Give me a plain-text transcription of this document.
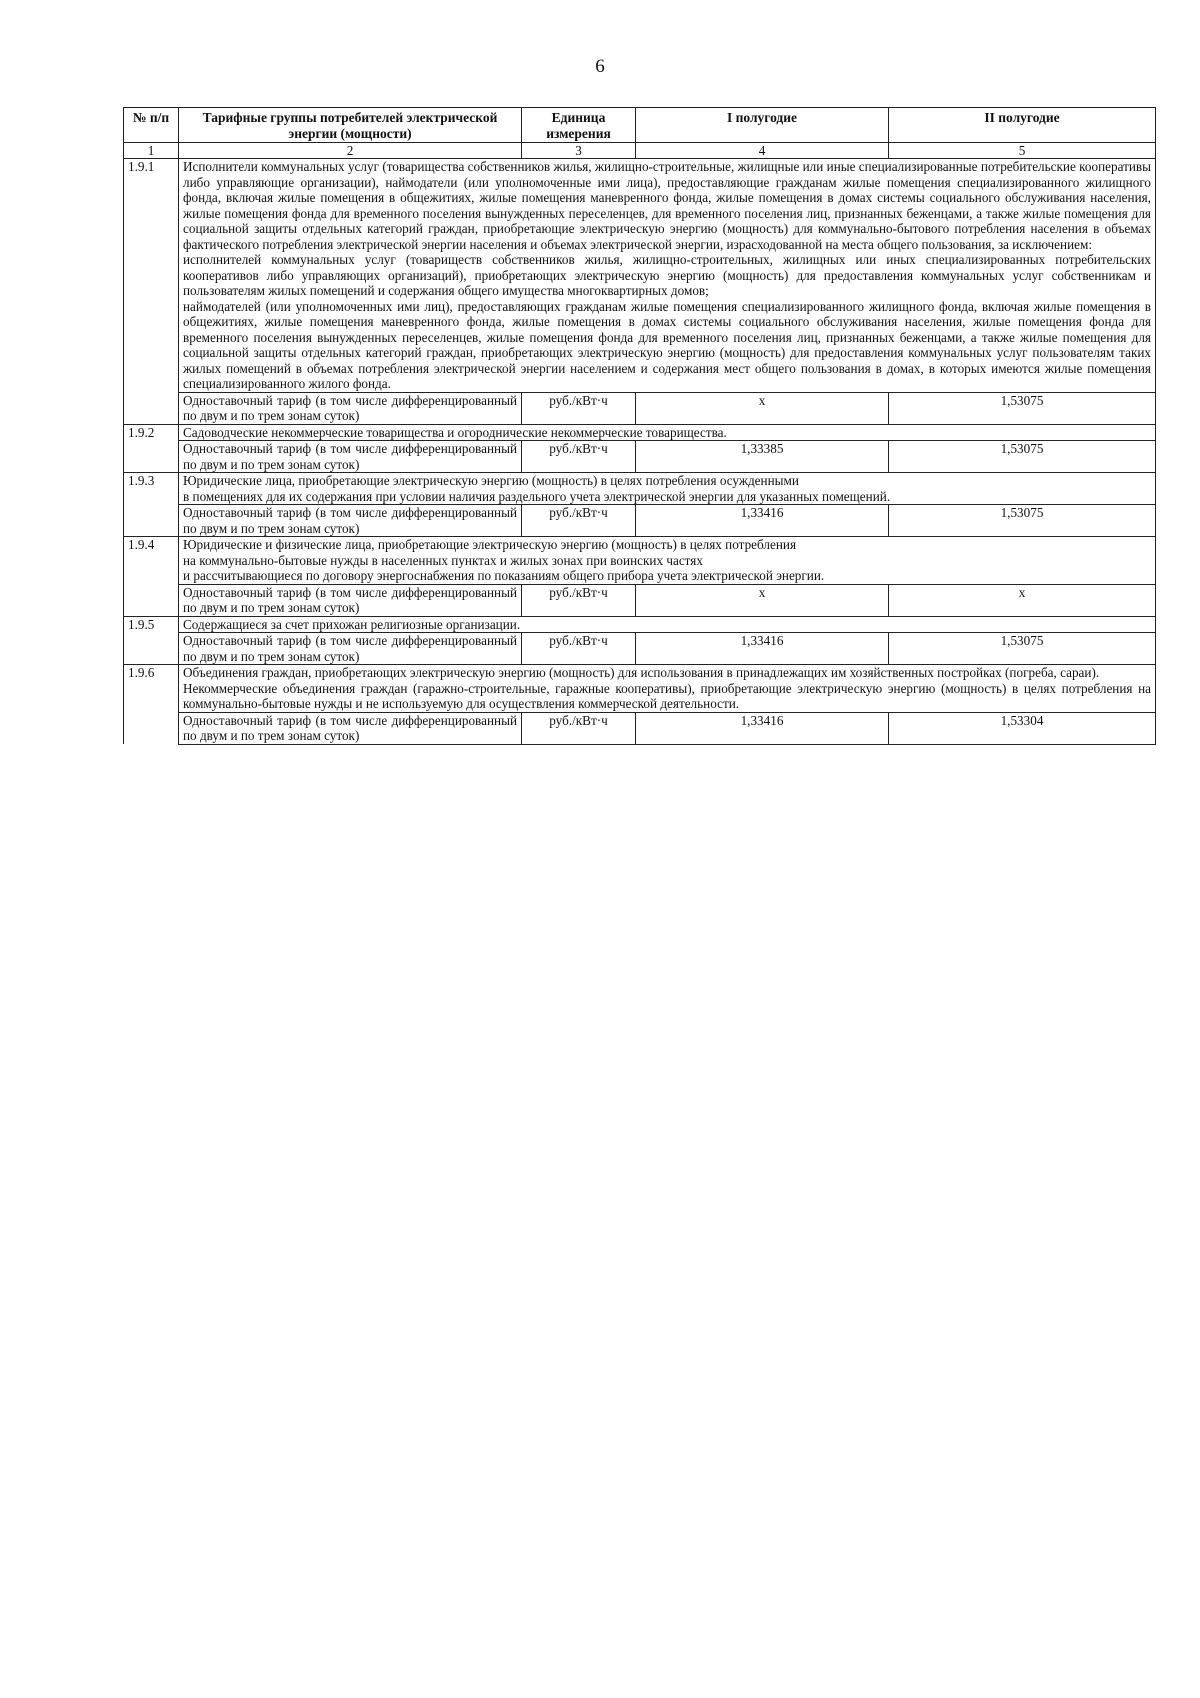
6
№ п/п	Тарифные группы потребителей электрической энергии (мощности)	Единица измерения	I полугодие	II полугодие
1	2	3	4	5
1.9.1	Исполнители коммунальных услуг (товарищества собственников жилья, жилищно-строительные, жилищные или иные специализированные потребительские кооперативы либо управляющие организации), наймодатели (или уполномоченные ими лица), предоставляющие гражданам жилые помещения специализированного жилищного фонда, включая жилые помещения в общежитиях, жилые помещения маневренного фонда, жилые помещения в домах системы социального обслуживания населения, жилые помещения фонда для временного поселения вынужденных переселенцев, для временного поселения лиц, признанных беженцами, а также жилые помещения для социальной защиты отдельных категорий граждан, приобретающие электрическую энергию (мощность) для коммунально-бытового потребления населения в объемах фактического потребления электрической энергии населения и объемах электрической энергии, израсходованной на места общего пользования, за исключением:
исполнителей коммунальных услуг (товариществ собственников жилья, жилищно-строительных, жилищных или иных специализированных потребительских кооперативов либо управляющих организаций), приобретающих электрическую энергию (мощность) для предоставления коммунальных услуг собственникам и пользователям жилых помещений и содержания общего имущества многоквартирных домов;
наймодателей (или уполномоченных ими лиц), предоставляющих гражданам жилые помещения специализированного жилищного фонда, включая жилые помещения в общежитиях, жилые помещения маневренного фонда, жилые помещения в домах системы социального обслуживания населения, жилые помещения фонда для временного поселения вынужденных переселенцев, жилые помещения фонда для временного поселения лиц, признанных беженцами, а также жилые помещения для социальной защиты отдельных категорий граждан, приобретающих электрическую энергию (мощность) для предоставления коммунальных услуг пользователям таких жилых помещений в объемах потребления электрической энергии населением и содержания мест общего пользования в домах, в которых имеются жилые помещения специализированного жилого фонда.			

	Одноставочный тариф (в том числе дифференцированный по двум и по трем зонам суток)	руб./кВт·ч	х	1,53075
1.9.2	Садоводческие некоммерческие товарищества и огороднические некоммерческие товарищества.			

	Одноставочный тариф (в том числе дифференцированный по двум и по трем зонам суток)	руб./кВт·ч	1,33385	1,53075
1.9.3	Юридические лица, приобретающие электрическую энергию (мощность) в целях потребления осужденными
в помещениях для их содержания при условии наличия раздельного учета электрической энергии для указанных помещений.			

	Одноставочный тариф (в том числе дифференцированный по двум и по трем зонам суток)	руб./кВт·ч	1,33416	1,53075
1.9.4	Юридические и физические лица, приобретающие электрическую энергию (мощность) в целях потребления
на коммунально-бытовые нужды в населенных пунктах и жилых зонах при воинских частях
и рассчитывающиеся по договору энергоснабжения по показаниям общего прибора учета электрической энергии.			

	Одноставочный тариф (в том числе дифференцированный по двум и по трем зонам суток)	руб./кВт·ч	х	х
1.9.5	Содержащиеся за счет прихожан религиозные организации.			

	Одноставочный тариф (в том числе дифференцированный по двум и по трем зонам суток)	руб./кВт·ч	1,33416	1,53075
1.9.6	Объединения граждан, приобретающих электрическую энергию (мощность) для использования в принадлежащих им хозяйственных постройках (погреба, сараи).
Некоммерческие объединения граждан (гаражно-строительные, гаражные кооперативы), приобретающие электрическую энергию (мощность) в целях потребления на коммунально-бытовые нужды и не используемую для осуществления коммерческой деятельности.			

	Одноставочный тариф (в том числе дифференцированный по двум и по трем зонам суток)	руб./кВт·ч	1,33416	1,53304
